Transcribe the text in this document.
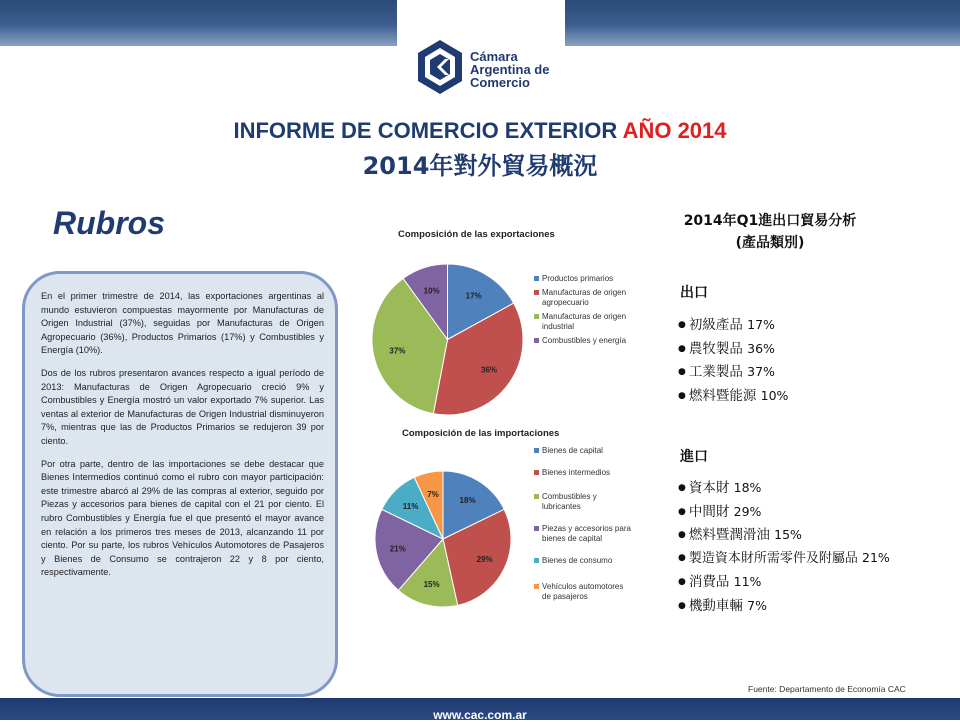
Cámara
Argentina de
Comercio
INFORME DE COMERCIO EXTERIOR AÑO 2014
2014年對外貿易概況
Rubros

En el primer trimestre de 2014, las exportaciones argentinas al mundo estuvieron compuestas mayormente por Manufacturas de Origen Industrial (37%), seguidas por Manufacturas de Origen Agropecuario (36%), Productos Primarios (17%) y Combustibles y Energía (10%).

Dos de los rubros presentaron avances respecto a igual período de 2013: Manufacturas de Origen Agropecuario creció 9% y Combustibles y Energía mostró un valor exportado 7% superior. Las ventas al exterior de Manufacturas de Origen Industrial disminuyeron 7%, mientras que las de Productos Primarios se redujeron 39 por ciento.

Por otra parte, dentro de las importaciones se debe destacar que Bienes Intermedios continuó como el rubro con mayor participación: este trimestre abarcó al 29% de las compras al exterior, seguido por Piezas y accesorios para bienes de capital con el 21 por ciento. El rubro Combustibles y Energía fue el que presentó el mayor avance en relación a los primeros tres meses de 2013, alcanzando 11 por ciento. Por su parte, los rubros Vehículos Automotores de Pasajeros y Bienes de Consumo se contrajeron 22 y 8 por ciento, respectivamente.

Composición de las exportaciones
17%
36%
37%
10%
Productos primarios
Manufacturas de origen agropecuario
Manufacturas de origen industrial
Combustibles y energía
Composición de las importaciones
18%
29%
15%
21%
11%
7%
Bienes de capital
Bienes intermedios
Combustibles y lubricantes
Piezas y accesorios para bienes de capital
Bienes de consumo
Vehículos automotores de pasajeros
2014年Q1進出口貿易分析
(產品類別)
出口
● 初級產品 17%
● 農牧製品 36%
● 工業製品 37%
● 燃料暨能源 10%
進口
● 資本財 18%
● 中間財 29%
● 燃料暨潤滑油 15%
● 製造資本財所需零件及附屬品 21%
● 消費品 11%
● 機動車輛 7%
Fuente: Departamento de Economía CAC
www.cac.com.ar
